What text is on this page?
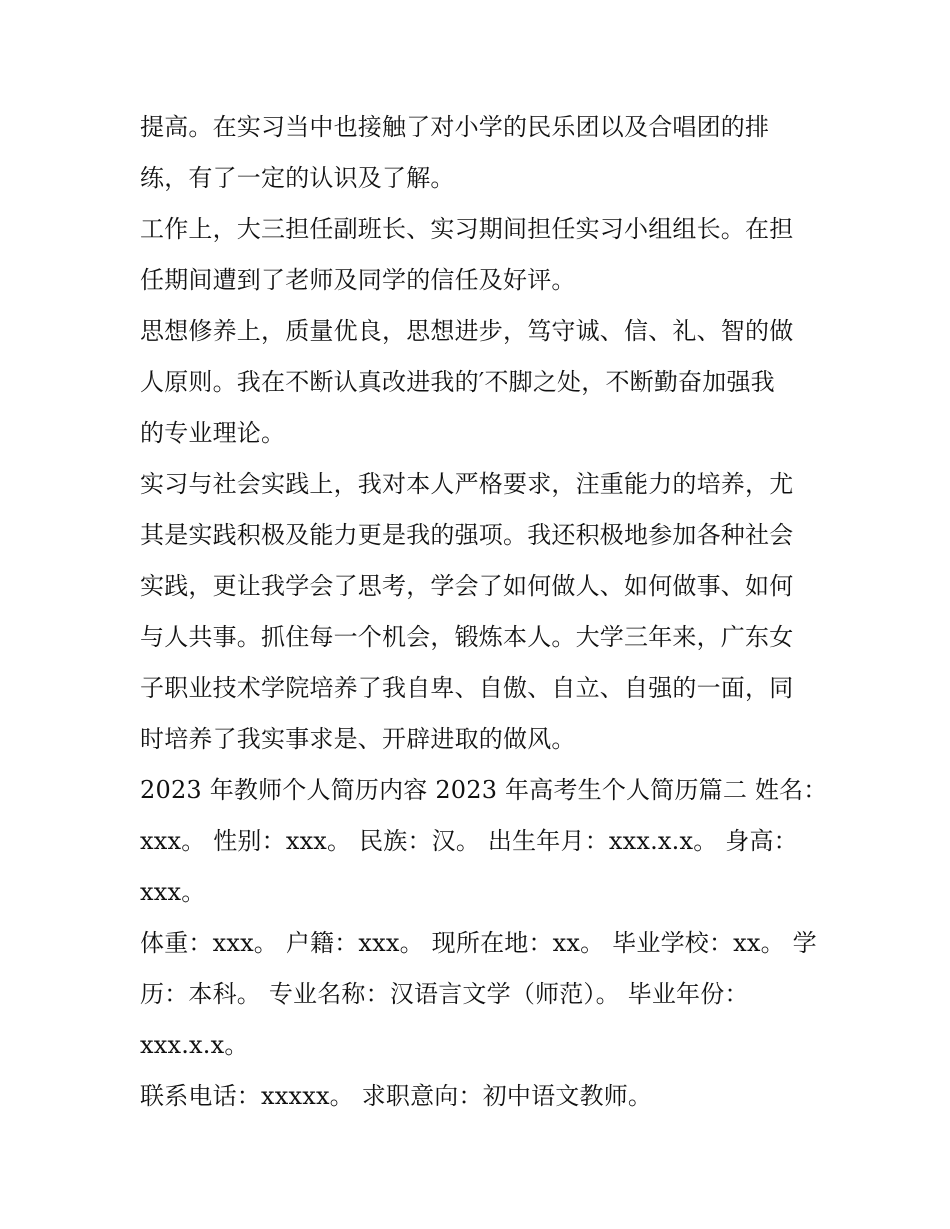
提高。在实习当中也接触了对小学的民乐团以及合唱团的排
练，有了一定的认识及了解。
工作上，大三担任副班长、实习期间担任实习小组组长。在担
任期间遭到了老师及同学的信任及好评。
思想修养上，质量优良，思想进步，笃守诚、信、礼、智的做
人原则。我在不断认真改进我的′不脚之处，不断勤奋加强我
的专业理论。
实习与社会实践上，我对本人严格要求，注重能力的培养，尤
其是实践积极及能力更是我的强项。我还积极地参加各种社会
实践，更让我学会了思考，学会了如何做人、如何做事、如何
与人共事。抓住每一个机会，锻炼本人。大学三年来，广东女
子职业技术学院培养了我自卑、自傲、自立、自强的一面，同
时培养了我实事求是、开辟进取的做风。
2023 年教师个人简历内容 2023 年高考生个人简历篇二 姓名：
xxx。 性别：xxx。 民族：汉。 出生年月：xxx.x.x。 身高：
xxx。
体重：xxx。 户籍：xxx。 现所在地：xx。 毕业学校：xx。 学
历：本科。 专业名称：汉语言文学（师范）。 毕业年份：
xxx.x.x。
联系电话：xxxxx。 求职意向：初中语文教师。
